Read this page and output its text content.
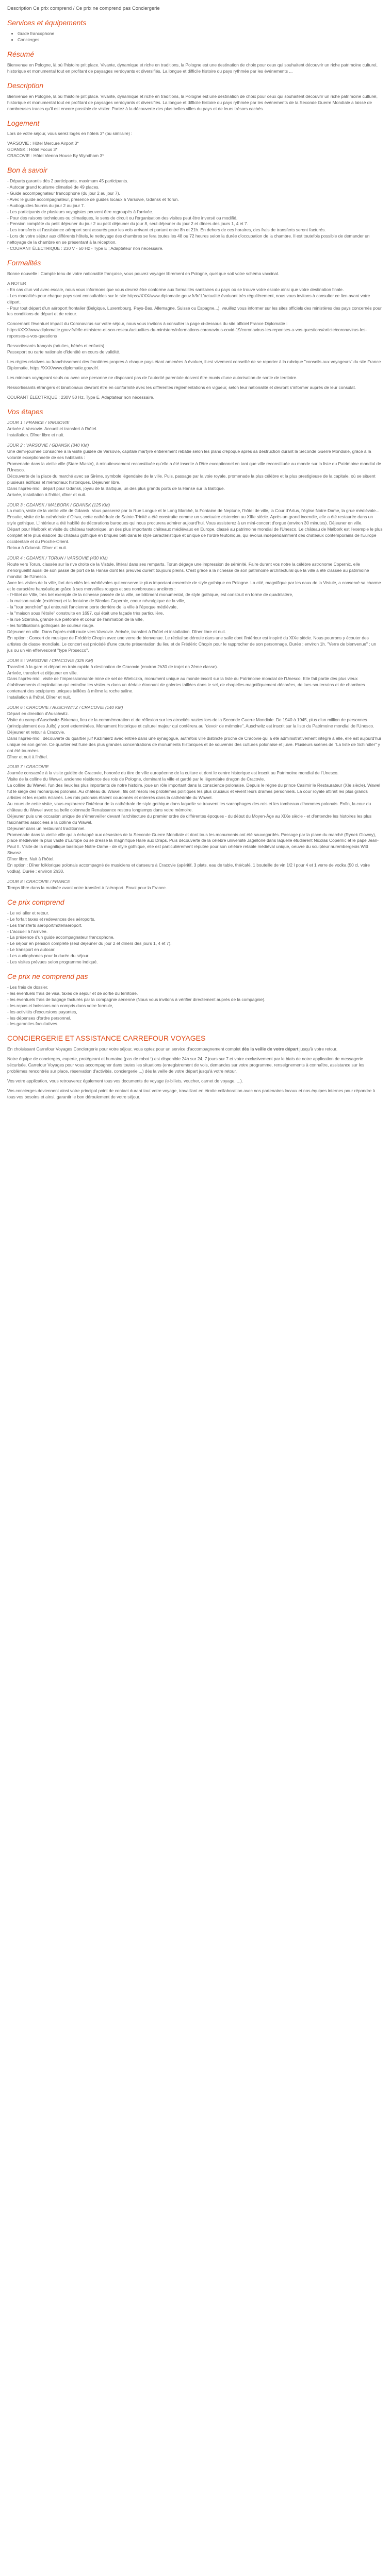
Description Ce prix comprend / Ce prix ne comprend pas Conciergerie
Services et équipements
• Guide francophone
• Concierges
Résumé

Bienvenue en Pologne, là où l'histoire prit place. Vivante, dynamique et riche en traditions, la Pologne est une destination de choix pour ceux qui souhaitent découvrir un riche patrimoine culturel, historique et monumental tout en profitant de paysages verdoyants et diversifiés. La longue et difficile histoire du pays rythmée par les événements ...

Description

Bienvenue en Pologne, là où l'histoire prit place. Vivante, dynamique et riche en traditions, la Pologne est une destination de choix pour ceux qui souhaitent découvrir un riche patrimoine culturel, historique et monumental tout en profitant de paysages verdoyants et diversifiés. La longue et difficile histoire du pays rythmée par les événements de la Seconde Guerre Mondiale a laissé de nombreuses traces qu'il est encore possible de visiter. Partez à la découverte des plus belles villes du pays et de leurs trésors cachés.

Logement

Lors de votre séjour, vous serez logés en hôtels 3* (ou similaire) :

VARSOVIE : Hôtel Mercure Airport 3*
GDANSK : Hôtel Focus 3*
CRACOVIE : Hôtel Vienna House By Wyndham 3*
Bon à savoir
- Départs garantis dès 2 participants, maximum 45 participants.
- Autocar grand tourisme climatisé de 49 places.
- Guide accompagnateur francophone (du jour 2 au jour 7).
- Avec le guide accompagnateur, présence de guides locaux à Varsovie, Gdansk et Torun.
- Audioguides fournis du jour 2 au jour 7.
- Les participants de plusieurs voyagistes peuvent être regroupés à l'arrivée.
- Pour des raisons techniques ou climatiques, le sens de circuit ou l'organisation des visites peut être inversé ou modifié.
- Pension complète du petit déjeuner du jour 2 au petit déjeuner du jour 8, seul déjeuner du jour 2 et dîners des jours 1, 4 et 7.
- Les transferts et l'assistance aéroport sont assurés pour les vols arrivant et partant entre 8h et 21h. En dehors de ces horaires, des frais de transferts seront facturés.
- Lors de votre séjour aux différents hôtels, le nettoyage des chambres se fera toutes les 48 ou 72 heures selon la durée d'occupation de la chambre. Il est toutefois possible de demander un nettoyage de la chambre en se présentant à la réception.
- COURANT ÉLECTRIQUE : 230 V - 50 Hz - Type E ; Adaptateur non nécessaire.
Formalités

Bonne nouvelle : Compte tenu de votre nationalité française, vous pouvez voyager librement en Pologne, quel que soit votre schéma vaccinal.

A NOTER
- En cas d'un vol avec escale, nous vous informons que vous devrez être conforme aux formalités sanitaires du pays où se trouve votre escale ainsi que votre destination finale.
- Les modalités pour chaque pays sont consultables sur le site https://XXX/www.diplomatie.gouv.fr/fr/ L'actualité évoluant très régulièrement, nous vous invitons à consulter ce lien avant votre départ.
- Pour tout départ d'un aéroport frontalier (Belgique, Luxembourg, Pays-Bas, Allemagne, Suisse ou Espagne...), veuillez vous informer sur les sites officiels des ministères des pays concernés pour les conditions de départ et de retour.

Concernant l'éventuel impact du Coronavirus sur votre séjour, nous vous invitons à consulter la page ci-dessous du site officiel France Diplomatie :
https://XXX/www.diplomatie.gouv.fr/fr/le-ministere-et-son-reseau/actualites-du-ministere/informations-coronavirus-covid-19/coronavirus-les-reponses-a-vos-questions/article/coronavirus-les-reponses-a-vos-questions

Ressortissants français (adultes, bébés et enfants) :
Passeport ou carte nationale d'identité en cours de validité.

Les règles relatives au franchissement des frontières propres à chaque pays étant amenées à évoluer, il est vivement conseillé de se reporter à la rubrique "conseils aux voyageurs" du site France Diplomatie, https://XXX/www.diplomatie.gouv.fr/.

Les mineurs voyageant seuls ou avec une personne ne disposant pas de l'autorité parentale doivent être munis d'une autorisation de sortie de territoire.

Ressortissants étrangers et binationaux devront être en conformité avec les différentes réglementations en vigueur, selon leur nationalité et devront s'informer auprès de leur consulat.

COURANT ÉLECTRIQUE : 230V 50 Hz, Type E. Adaptateur non nécessaire.

Vos étapes
JOUR 1 : FRANCE / VARSOVIE
Arrivée à Varsovie. Accueil et transfert à l'hôtel.
Installation. Dîner libre et nuit.
JOUR 2 : VARSOVIE / GDANSK (340 KM)
Une demi-journée consacrée à la visite guidée de Varsovie, capitale martyre entièrement rebâtie selon les plans d'époque après sa destruction durant la Seconde Guerre Mondiale, grâce à la volonté exceptionnelle de ses habitants :
Promenade dans la vieille ville (Stare Miasto), à minutieusement reconstituée qu'elle a été inscrite à l'être exceptionnel en tant que ville reconstituée au monde sur la liste du Patrimoine mondial de l'Unesco.
Découverte de la place du marché avec sa Sirène, symbole légendaire de la ville. Puis, passage par la voie royale, promenade la plus célèbre et la plus prestigieuse de la capitale, où se situent plusieurs édifices et mémoriaux historiques. Déjeuner libre.
Dans l'après-midi, départ pour Gdansk, joyau de la Baltique, un des plus grands ports de la Hanse sur la Baltique.
Arrivée, installation à l'hôtel, dîner et nuit.
JOUR 3 : GDANSK / MALBORK / GDANSK (125 KM)
La matin, visite de la vieille ville de Gdansk. Vous passerez par la Rue Longue et le Long Marché, la Fontaine de Neptune, l'hôtel de ville, la Cour d'Artus, l'église Notre-Dame, la grue médiévale...
Ensuite, visite de la cathédrale d'Oliwa, cette cathédrale de Sainte-Trinité a été construite comme un sanctuaire cistercien au XIIIe siècle. Après un grand incendie, elle a été restaurée dans un style gothique. L'intérieur a été habillé de décorations baroques qui nous procurera admirer aujourd'hui. Vous assisterez à un mini-concert d'orgue (environ 30 minutes). Déjeuner en ville.
Départ pour Malbork et visite du château teutonique, un des plus importants châteaux médiévaux en Europe, classé au patrimoine mondial de l'Unesco. Le château de Malbork est l'exemple le plus complet et le plus élaboré du château gothique en briques bâti dans le style caractéristique et unique de l'ordre teutonique, qui évolua indépendamment des châteaux contemporains de l'Europe occidentale et du Proche-Orient.
Retour à Gdansk. Dîner et nuit.
JOUR 4 : GDANSK / TORUN / VARSOVIE (430 KM)
Route vers Torun, classée sur la rive droite de la Vistule, littéral dans ses remparts. Torun dégage une impression de sérénité. Faire durant vos notre la célèbre astronome Copernic, elle s'enorgueillit aussi de son passé de port de la Hanse dont les preuves durent toujours pleins. C'est grâce à la richesse de son patrimoine architectural que la ville a été classée au patrimoine mondial de l'Unesco.
Avec les visites de la ville, fort des cités les médiévales qui conserve le plus important ensemble de style gothique en Pologne. La cité, magnifique par les eaux de la Vistule, a conservé sa charme et le caractère hanséatique grâce à ses merveilles rouges et ses nombreuses ancières :
- l'Hôtel de Ville, très bel exemple de la richesse passée de la ville, ce bâtiment monumental, de style gothique, est construit en forme de quadrilatère,
- la maison natale (extérieur) et la fontaine de Nicolas Copernic, coeur névralgique de la ville,
- la "tour penchée" qui entourait l'ancienne porte derrière de la ville à l'époque médiévale,
- la "maison sous l'étoile" construite en 1697, qui était une façade très particulière,
- la rue Szeroka, grande rue piétonne et coeur de l'animation de la ville,
- les fortifications gothiques de couleur rouge.
Déjeuner en ville. Dans l'après-midi route vers Varsovie. Arrivée, transfert à l'hôtel et installation. Dîner libre et nuit.
En option : Concert de musique de Frédéric Chopin avec une verre de bienvenue. Le récital se déroule dans une salle dont l'intérieur est inspiré du XIXe siècle. Nous pourrons y écouter des artistes de classe mondiale. Le concert est précédé d'une courte présentation du lieu et de Frédéric Chopin pour le rapprocher de son personnage. Durée : environ 1h. "Verre de bienvenue" : un jus ou un vin effervescent "type Prosecco".
JOUR 5 : VARSOVIE / CRACOVIE (325 KM)
Transfert à la gare et départ en train rapide à destination de Cracovie (environ 2h30 de trajet en 2ème classe).
Arrivée, transfert et déjeuner en ville.
Dans l'après-midi, visite de l'impressionnante mine de sel de Wieliczka, monument unique au monde inscrit sur la liste du Patrimoine mondial de l'Unesco. Elle fait partie des plus vieux établissements d'exploitation qui entraîne les visiteurs dans un dédale étonnant de galeries taillées dans le sel, de chapelles magnifiquement décorées, de lacs souterrains et de chambres contenant des sculptures uniques taillées à même la roche saline.
Installation à l'hôtel. Dîner et nuit.
JOUR 6 : CRACOVIE / AUSCHWITZ / CRACOVIE (140 KM)
Départ en direction d'Auschwitz.
Visite du camp d'Auschwitz-Birkenau, lieu de la commémoration et de réflexion sur les atrocités nazies lors de la Seconde Guerre Mondiale. De 1940 à 1945, plus d'un million de personnes (principalement des Juifs) y sont exterminées. Monument historique et culturel majeur qui conférera au "devoir de mémoire", Auschwitz est inscrit sur la liste du Patrimoine mondial de l'Unesco. Déjeuner et retour à Cracovie.
Dans l'après-midi, découverte du quartier juif Kazimierz avec entrée dans une synagogue, autrefois ville distincte proche de Cracovie qui a été administrativement intégré à elle, elle est aujourd'hui unique en son genre. Ce quartier est l'une des plus grandes concentrations de monuments historiques et de souvenirs des cultures polonaise et juive. Plusieurs scènes de "La liste de Schindler" y ont été tournées.
Dîner et nuit à l'hôtel.
JOUR 7 : CRACOVIE
Journée consacrée à la visite guidée de Cracovie, honorée du titre de ville européenne de la culture et dont le centre historique est inscrit au Patrimoine mondial de l'Unesco.
Visite de la colline du Wawel, ancienne résidence des rois de Pologne, dominant la ville et gardé par le légendaire dragon de Cracovie.
La colline du Wawel, l'un des lieux les plus importants de notre histoire, joue un rôle important dans la conscience polonaise. Depuis le règne du prince Casimir le Restaurateur (XIe siècle), Wawel fut le siège des monarques polonais. Au château du Wawel, fils ont résolu les problèmes politiques les plus cruciaux et vivent leurs drames personnels. La cour royale attirait les plus grands artistes et les esprits éclairés. Les rois polonais étaient couronnés et enterrés dans la cathédrale du Wawel.
Au cours de cette visite, vous explorerez l'intérieur de la cathédrale de style gothique dans laquelle se trouvent les sarcophages des rois et les tombeaux d'hommes polonais. Enfin, la cour du château du Wawel avec sa belle colonnade Renaissance restera longtemps dans votre mémoire.
Déjeuner puis une occasion unique de s'émerveiller devant l'architecture du premier ordre de différentes époques - du début du Moyen-Âge au XIXe siècle - et d'entendre les histoires les plus fascinantes associées à la colline du Wawel.
Déjeuner dans un restaurant traditionnel.
Promenade dans la vieille ville qui a échappé aux désastres de la Seconde Guerre Mondiale et dont tous les monuments ont été sauvegardés. Passage par la place du marché (Rynek Glowny), place médiévale la plus vaste d'Europe où se dresse la magnifique Halle aux Draps. Puis découverte de la célèbre université Jagellone dans laquelle étudièrent Nicolas Copernic et le pape Jean-Paul II. Visite de la magnifique basilique Notre-Dame - de style gothique, elle est particulièrement réputée pour son célèbre retable médiéval unique, oeuvre du sculpteur nurembergeois Witt Stwosz.
Dîner libre. Nuit à l'hôtel.
En option : Dîner folklorique polonais accompagné de musiciens et danseurs à Cracovie (apéritif, 3 plats, eau de table, thé/café, 1 bouteille de vin 1/2 l pour 4 et 1 verre de vodka (50 cl, voire vodka). Durée : environ 2h30.
JOUR 8 : CRACOVIE / FRANCE
Temps libre dans la matinée avant votre transfert à l'aéroport. Envol pour la France.
Ce prix comprend
- Le vol aller et retour.
- Le forfait taxes et redevances des aéroports.
- Les transferts aéroport/hôtel/aéroport.
- L'accueil à l'arrivée.
- La présence d'un guide accompagnateur francophone.
- Le séjour en pension complète (seul déjeuner du jour 2 et dîners des jours 1, 4 et 7).
- Le transport en autocar.
- Les audiophones pour la durée du séjour.
- Les visites prévues selon programme indiqué.
Ce prix ne comprend pas
- Les frais de dossier.
- les éventuels frais de visa, taxes de séjour et de sortie du territoire.
- les éventuels frais de bagage facturés par la compagnie aérienne (Nous vous invitons à vérifier directement auprès de la compagnie).
- les repas et boissons non compris dans votre formule,
- les activités d'excursions payantes,
- les dépenses d'ordre personnel,
- les garanties facultatives.
CONCIERGERIE ET ASSISTANCE CARREFOUR VOYAGES

En choisissant Carrefour Voyages Conciergerie pour votre séjour, vous optez pour un service d'accompagnement complet dès la veille de votre départ jusqu'à votre retour.

Notre équipe de concierges, experte, protégeant et humaine (pas de robot !) est disponible 24h sur 24, 7 jours sur 7 et votre exclusivement par le biais de notre application de messagerie sécurisée. Carrefour Voyages pour vous accompagner dans toutes les situations (enregistrement de vols, demandes sur votre programme, renseignements à connaître, assistance sur les problèmes rencontrés sur place, réservation d'activités, conciergerie ...) dès la veille de votre départ jusqu'à votre retour.

Vos votre application, vous retrouverez également tous vos documents de voyage (e-billets, voucher, carnet de voyage, ...).

Vos concierges deviennent ainsi votre principal point de contact durant tout votre voyage, travaillant en étroite collaboration avec nos partenaires locaux et nos équipes internes pour répondre à tous vos besoins et ainsi, garantir le bon déroulement de votre séjour.
